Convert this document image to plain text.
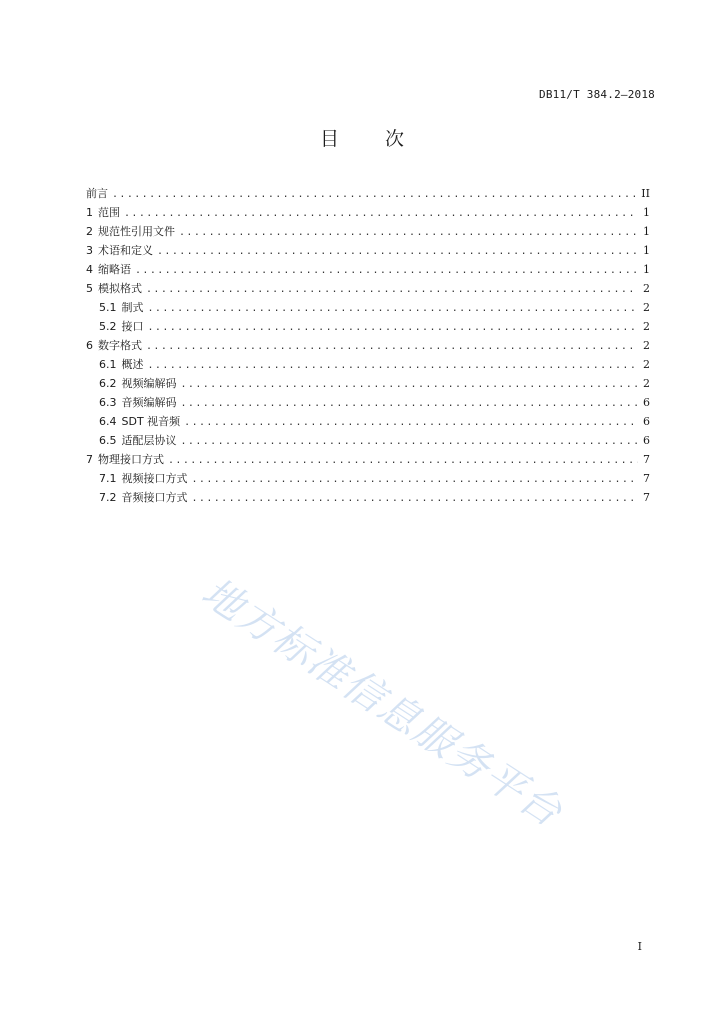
DB11/T 384.2—2018
目 次
前言 .....	II
1 范围 .....	1
2 规范性引用文件 .....	1
3 术语和定义 .....	1
4 缩略语 .....	1
5 模拟格式 .....	2
5.1 制式 .....	2
5.2 接口 .....	2
6 数字格式 .....	2
6.1 概述 .....	2
6.2 视频编解码 .....	2
6.3 音频编解码 .....	6
6.4 SDT 视音频 .....	6
6.5 适配层协议 .....	6
7 物理接口方式 .....	7
7.1 视频接口方式 .....	7
7.2 音频接口方式 .....	7
地方标准信息服务平台
I
